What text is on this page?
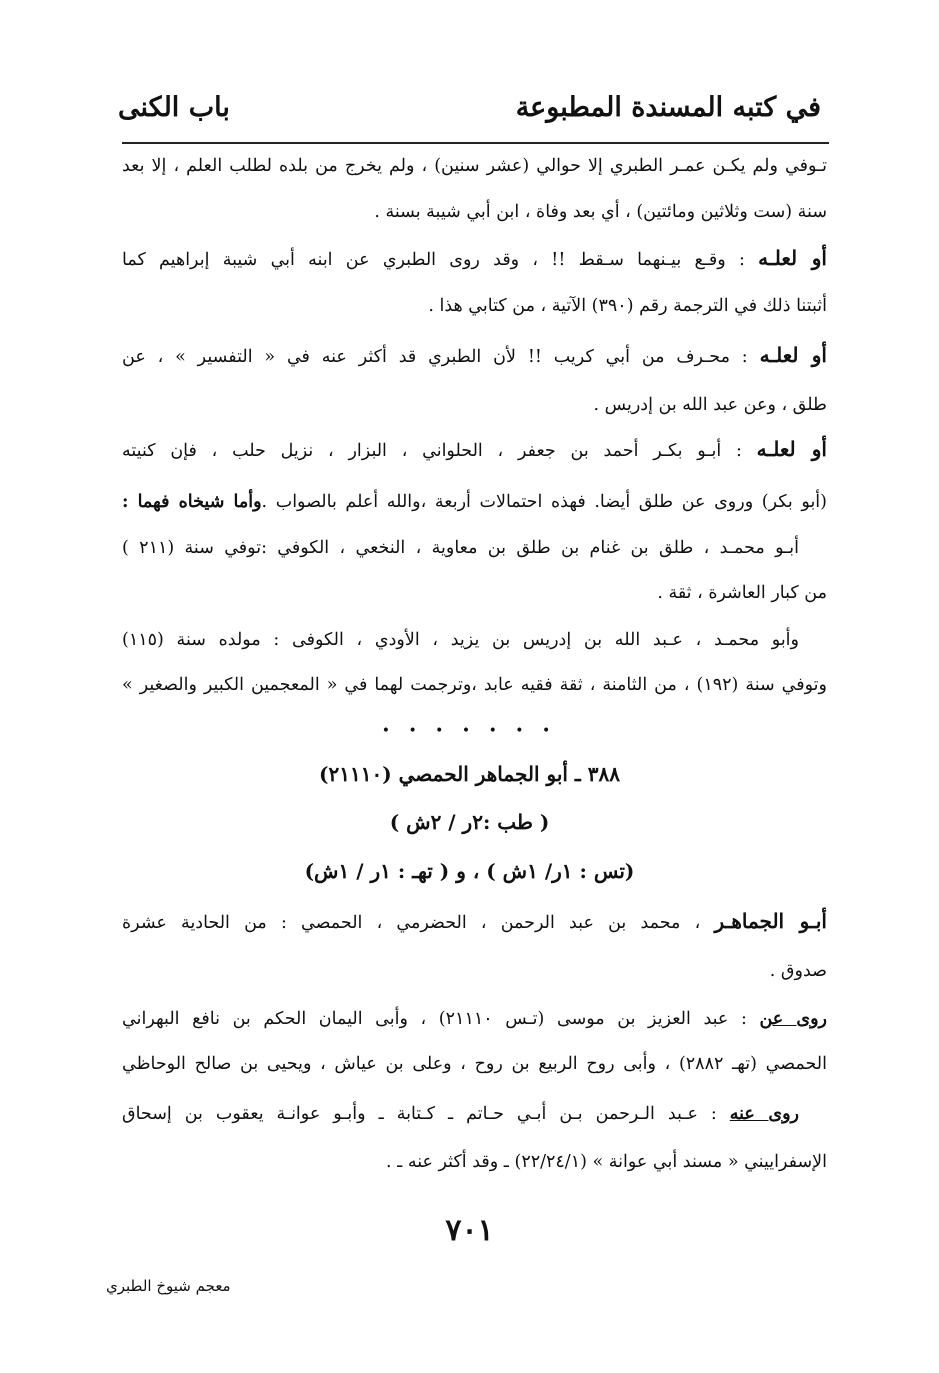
في كتبه المسندة المطبوعة
باب الكنى
تـوفي ولم يكـن عمـر الطبري إلا حوالي (عشر سنين) ، ولم يخرج من بلده لطلب العلم ، إلا بعد
سنة (ست وثلاثين ومائتين) ، أي بعد وفاة ، ابن أبي شيبة بسنة .
أو لعلـه : وقـع بيـنهما سـقط !! ، وقد روى الطبري عن ابنه أبي شيبة إبراهيم كما
أثبتنا ذلك في الترجمة رقم (٣٩٠) الآتية ، من كتابي هذا .
أو لعلـه : محـرف من أبي كريب !! لأن الطبري قد أكثر عنه في « التفسير » ، عن
طلق ، وعن عبد الله بن إدريس .
أو لعلـه : أبـو بكـر أحمد بن جعفر ، الحلواني ، البزار ، نزيل حلب ، فإن كنيته
(أبو بكر) وروى عن طلق أيضا. فهذه احتمالات أربعة ،والله أعلم بالصواب .وأما شيخاه فهما :
أبـو محمـد ، طلق بن غنام بن طلق بن معاوية ، النخعي ، الكوفي :توفي سنة (٢١١ )
من كبار العاشرة ، ثقة .
وأبو محمـد ، عـبد الله بن إدريس بن يزيد ، الأودي ، الكوفى : مولده سنة (١١٥)
وتوفي سنة (١٩٢) ، من الثامنة ، ثقة فقيه عابد ،وترجمت لهما في « المعجمين الكبير والصغير »
• • • • • • •
٣٨٨ ـ أبو الجماهر الحمصي (٢١١١٠)
( طب :٢ر / ٢ش )
(تس : ١ر/ ١ش ) ، و ( تهـ : ١ر / ١ش)
أبـو الجماهـر ، محمد بن عبد الرحمن ، الحضرمي ، الحمصي : من الحادية عشرة
صدوق .
روى عن : عبد العزيز بن موسى (تـس ٢١١١٠) ، وأبى اليمان الحكم بن نافع البهراني
الحمصي (تهـ ٢٨٨٢) ، وأبى روح الربيع بن روح ، وعلى بن عياش ، ويحيى بن صالح الوحاظي
روى عنه : عـبد الـرحمن بـن أبـي حـاتم ـ كـتابة ـ وأبـو عوانـة يعقوب بن إسحاق
الإسفراييني « مسند أبي عوانة » (٢٢/٢٤/١) ـ وقد أكثر عنه ـ .
٧٠١
معجم شيوخ الطبري
